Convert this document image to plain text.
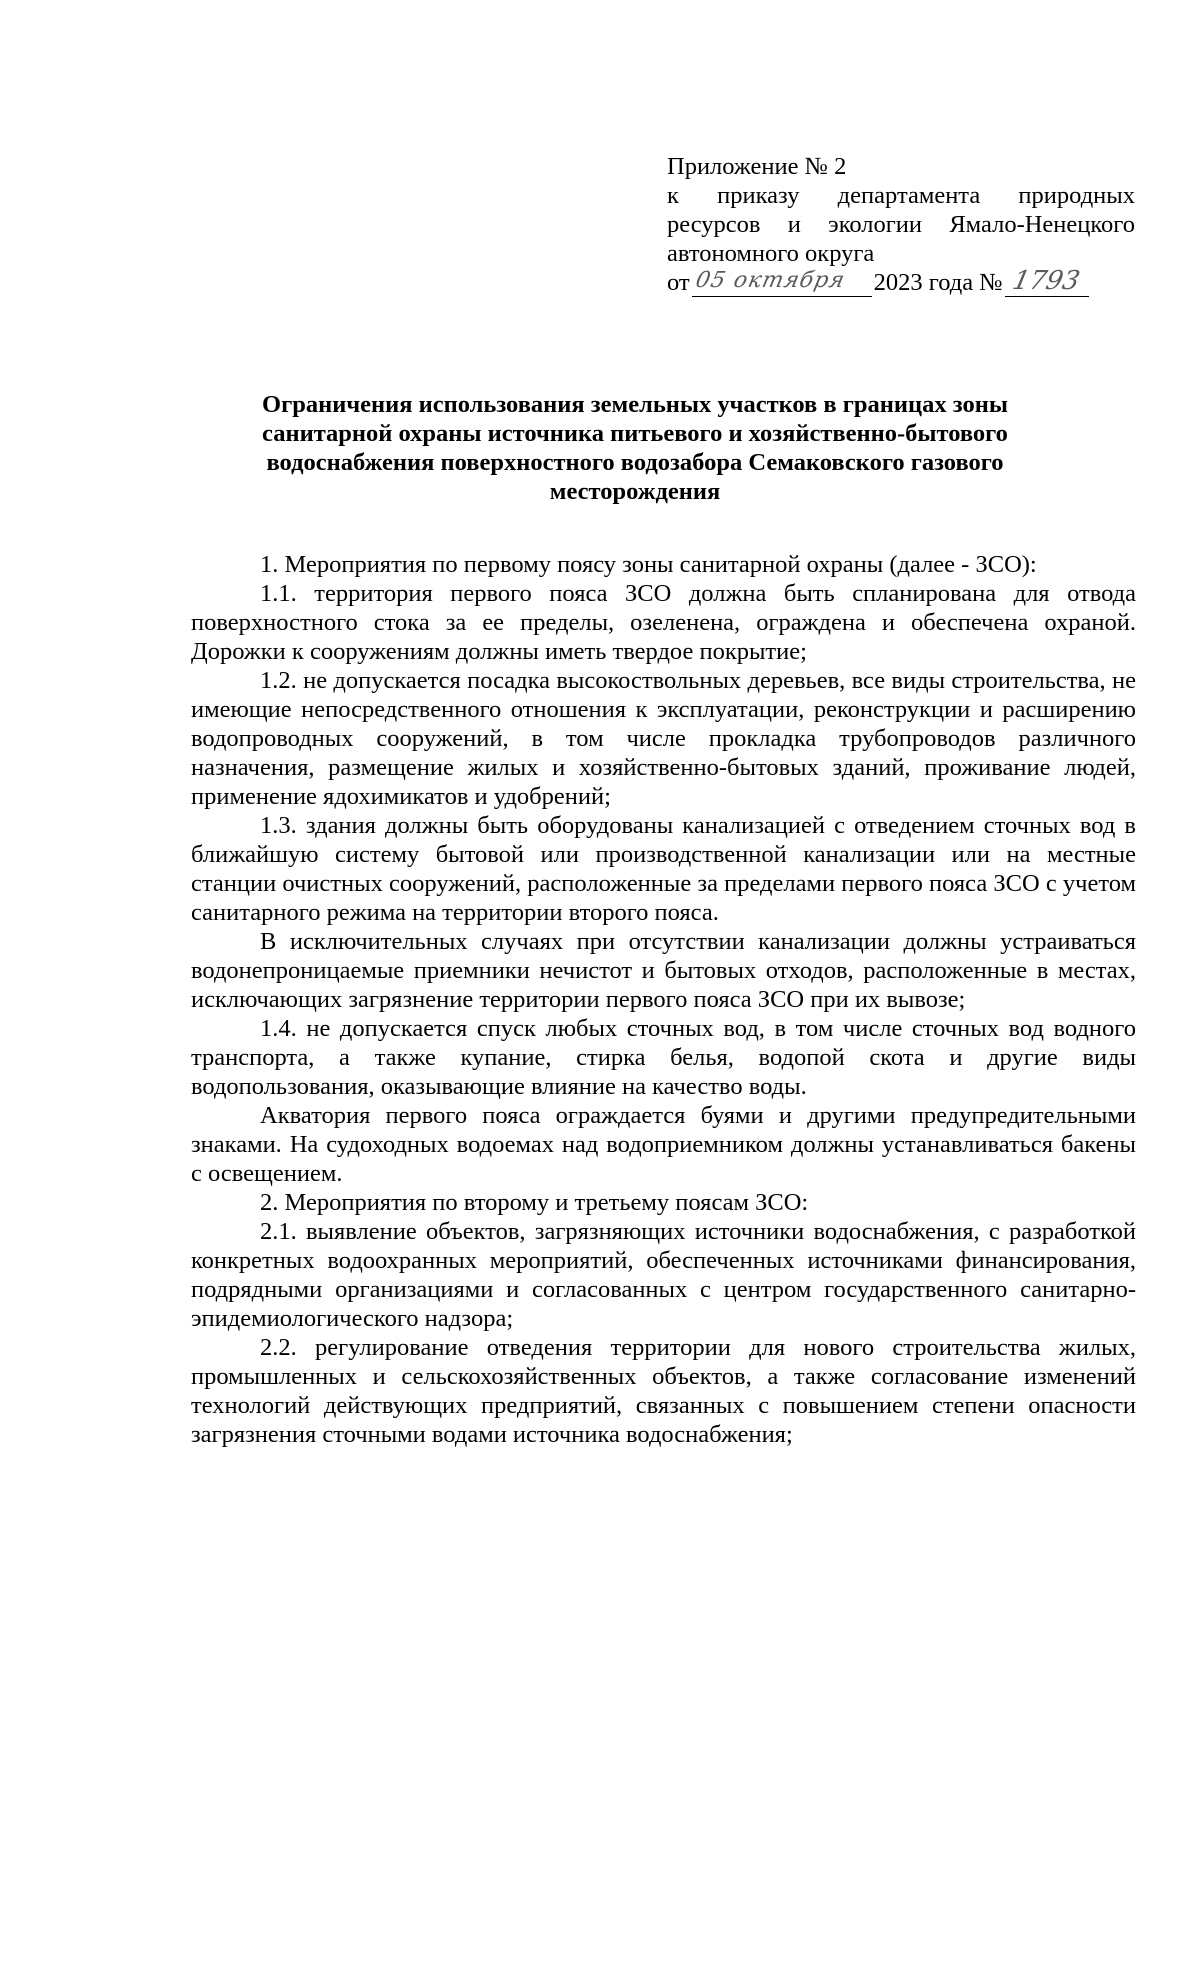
Приложение № 2
к приказу департамента природных
ресурсов и экологии Ямало-Ненецкого
автономного округа
от 05 октября 2023 года № 1793
Ограничения использования земельных участков в границах зоны
санитарной охраны источника питьевого и хозяйственно-бытового
водоснабжения поверхностного водозабора Семаковского газового
месторождения

1. Мероприятия по первому поясу зоны санитарной охраны (далее - ЗСО):

1.1. территория первого пояса ЗСО должна быть спланирована для отвода поверхностного стока за ее пределы, озеленена, ограждена и обеспечена охраной. Дорожки к сооружениям должны иметь твердое покрытие;

1.2. не допускается посадка высокоствольных деревьев, все виды строительства, не имеющие непосредственного отношения к эксплуатации, реконструкции и расширению водопроводных сооружений, в том числе прокладка трубопроводов различного назначения, размещение жилых и хозяйственно-бытовых зданий, проживание людей, применение ядохимикатов и удобрений;

1.3. здания должны быть оборудованы канализацией с отведением сточных вод в ближайшую систему бытовой или производственной канализации или на местные станции очистных сооружений, расположенные за пределами первого пояса ЗСО с учетом санитарного режима на территории второго пояса.

В исключительных случаях при отсутствии канализации должны устраиваться водонепроницаемые приемники нечистот и бытовых отходов, расположенные в местах, исключающих загрязнение территории первого пояса ЗСО при их вывозе;

1.4. не допускается спуск любых сточных вод, в том числе сточных вод водного транспорта, а также купание, стирка белья, водопой скота и другие виды водопользования, оказывающие влияние на качество воды.

Акватория первого пояса ограждается буями и другими предупредительными знаками. На судоходных водоемах над водоприемником должны устанавливаться бакены с освещением.

2. Мероприятия по второму и третьему поясам ЗСО:

2.1. выявление объектов, загрязняющих источники водоснабжения, с разработкой конкретных водоохранных мероприятий, обеспеченных источниками финансирования, подрядными организациями и согласованных с центром государственного санитарно-эпидемиологического надзора;

2.2. регулирование отведения территории для нового строительства жилых, промышленных и сельскохозяйственных объектов, а также согласование изменений технологий действующих предприятий, связанных с повышением степени опасности загрязнения сточными водами источника водоснабжения;
